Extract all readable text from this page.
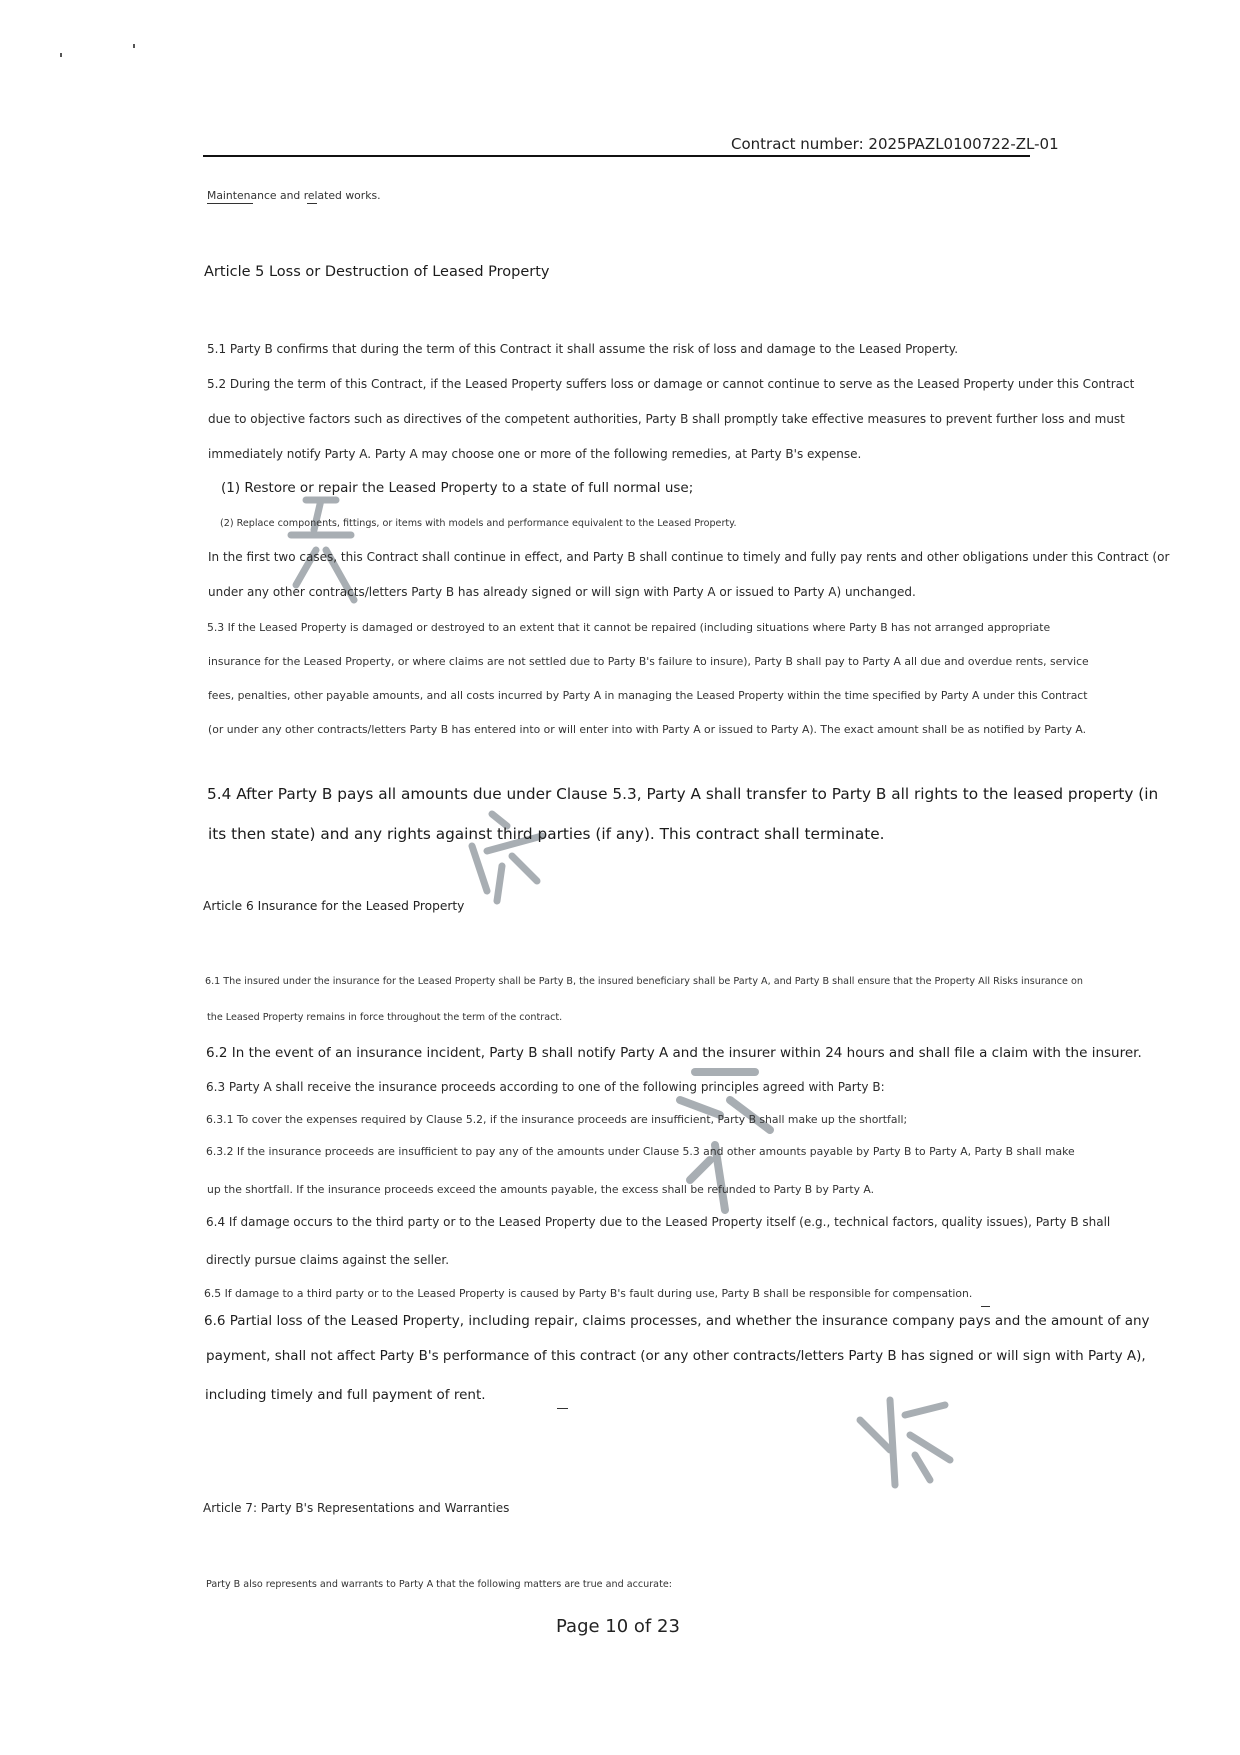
Contract number: 2025PAZL0100722-ZL-01
Maintenance and related works.
Article 5 Loss or Destruction of Leased Property
5.1 Party B confirms that during the term of this Contract it shall assume the risk of loss and damage to the Leased Property.
5.2 During the term of this Contract, if the Leased Property suffers loss or damage or cannot continue to serve as the Leased Property under this Contract
due to objective factors such as directives of the competent authorities, Party B shall promptly take effective measures to prevent further loss and must
immediately notify Party A. Party A may choose one or more of the following remedies, at Party B's expense.
(1) Restore or repair the Leased Property to a state of full normal use;
(2) Replace components, fittings, or items with models and performance equivalent to the Leased Property.
In the first two cases, this Contract shall continue in effect, and Party B shall continue to timely and fully pay rents and other obligations under this Contract (or
under any other contracts/letters Party B has already signed or will sign with Party A or issued to Party A) unchanged.
5.3 If the Leased Property is damaged or destroyed to an extent that it cannot be repaired (including situations where Party B has not arranged appropriate
insurance for the Leased Property, or where claims are not settled due to Party B's failure to insure), Party B shall pay to Party A all due and overdue rents, service
fees, penalties, other payable amounts, and all costs incurred by Party A in managing the Leased Property within the time specified by Party A under this Contract
(or under any other contracts/letters Party B has entered into or will enter into with Party A or issued to Party A). The exact amount shall be as notified by Party A.
5.4 After Party B pays all amounts due under Clause 5.3, Party A shall transfer to Party B all rights to the leased property (in
its then state) and any rights against third parties (if any). This contract shall terminate.
Article 6 Insurance for the Leased Property
6.1 The insured under the insurance for the Leased Property shall be Party B, the insured beneficiary shall be Party A, and Party B shall ensure that the Property All Risks insurance on
the Leased Property remains in force throughout the term of the contract.
6.2 In the event of an insurance incident, Party B shall notify Party A and the insurer within 24 hours and shall file a claim with the insurer.
6.3 Party A shall receive the insurance proceeds according to one of the following principles agreed with Party B:
6.3.1 To cover the expenses required by Clause 5.2, if the insurance proceeds are insufficient, Party B shall make up the shortfall;
6.3.2 If the insurance proceeds are insufficient to pay any of the amounts under Clause 5.3 and other amounts payable by Party B to Party A, Party B shall make
up the shortfall. If the insurance proceeds exceed the amounts payable, the excess shall be refunded to Party B by Party A.
6.4 If damage occurs to the third party or to the Leased Property due to the Leased Property itself (e.g., technical factors, quality issues), Party B shall
directly pursue claims against the seller.
6.5 If damage to a third party or to the Leased Property is caused by Party B's fault during use, Party B shall be responsible for compensation.
6.6 Partial loss of the Leased Property, including repair, claims processes, and whether the insurance company pays and the amount of any
payment, shall not affect Party B's performance of this contract (or any other contracts/letters Party B has signed or will sign with Party A),
including timely and full payment of rent.
Article 7: Party B's Representations and Warranties
Party B also represents and warrants to Party A that the following matters are true and accurate:
Page 10 of 23
